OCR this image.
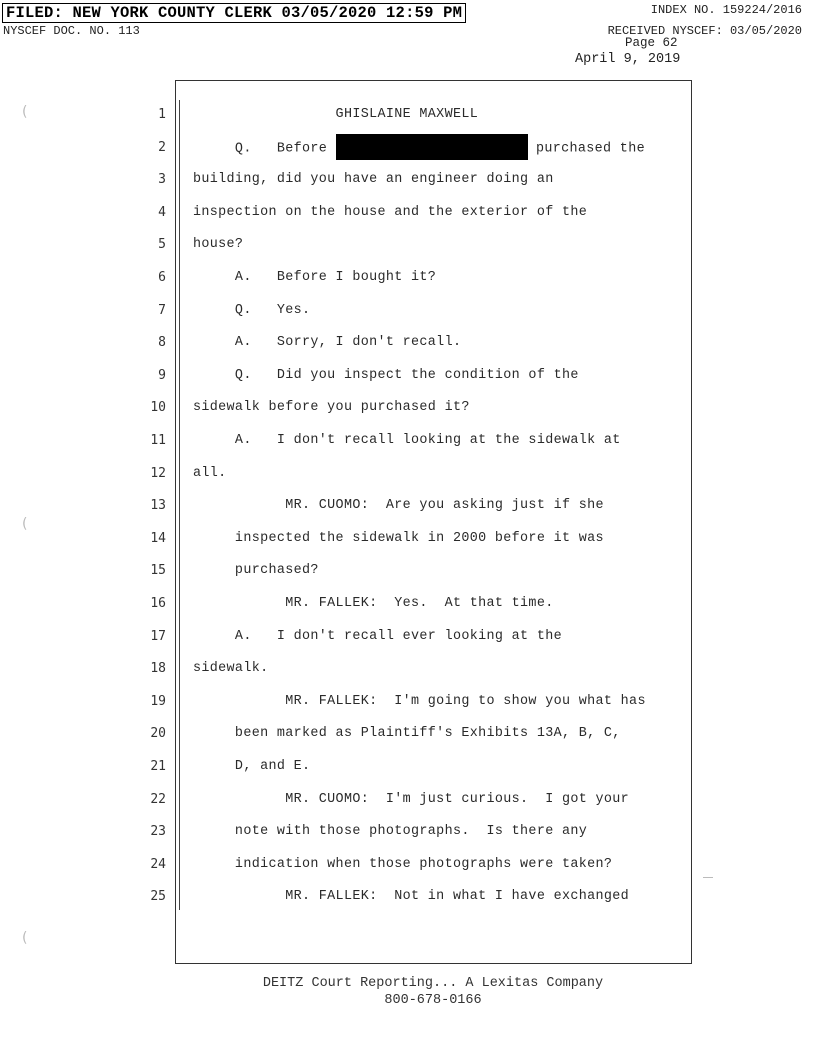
FILED: NEW YORK COUNTY CLERK 03/05/2020 12:59 PM	INDEX NO. 159224/2016
NYSCEF DOC. NO. 113	RECEIVED NYSCEF: 03/05/2020
Page 62
April 9, 2019
(
(
(
1 GHISLAINE MAXWELL
2 Q.   Before	purchased the
3 building, did you have an engineer doing an
4 inspection on the house and the exterior of the
5 house?
6 A.   Before I bought it?
7 Q.   Yes.
8 A.   Sorry, I don't recall.
9 Q.   Did you inspect the condition of the
10 sidewalk before you purchased it?
11 A.   I don't recall looking at the sidewalk at
12 all.
13 MR. CUOMO:  Are you asking just if she
14 inspected the sidewalk in 2000 before it was
15 purchased?
16 MR. FALLEK:  Yes.  At that time.
17 A.   I don't recall ever looking at the
18 sidewalk.
19 MR. FALLEK:  I'm going to show you what has
20 been marked as Plaintiff's Exhibits 13A, B, C,
21 D, and E.
22 MR. CUOMO:  I'm just curious.  I got your
23 note with those photographs.  Is there any
24 indication when those photographs were taken?
25 MR. FALLEK:  Not in what I have exchanged
DEITZ Court Reporting... A Lexitas Company
800-678-0166
